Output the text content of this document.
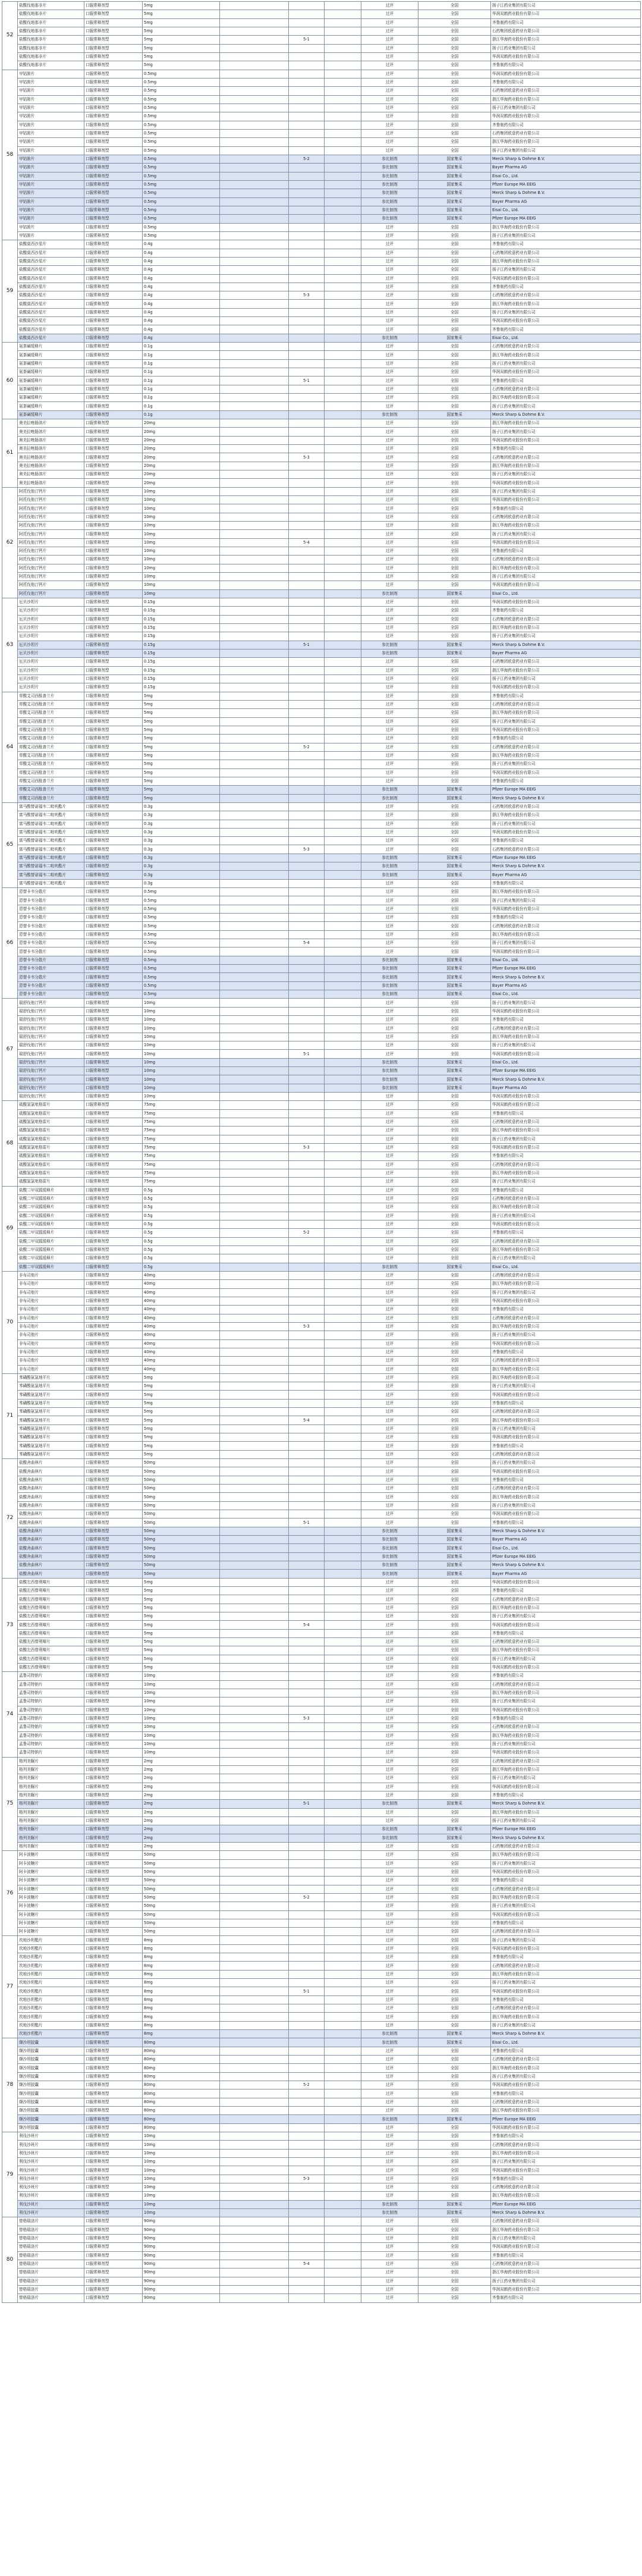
52	盐酸伐地那非片	口服常释剂型	5mg				过评	全国	扬子江药业集团有限公司
	盐酸伐地那非片	口服常释剂型	5mg				过评	全国	华润双鹤药业股份有限公司
	盐酸伐地那非片	口服常释剂型	5mg				过评	全国	齐鲁制药有限公司
	盐酸伐地那非片	口服常释剂型	5mg				过评	全国	石药集团欧意药业有限公司
	盐酸伐地那非片	口服常释剂型	5mg		5-1		过评	全国	浙江华海药业股份有限公司
	盐酸伐地那非片	口服常释剂型	5mg				过评	全国	扬子江药业集团有限公司
	盐酸伐地那非片	口服常释剂型	5mg				过评	全国	华润双鹤药业股份有限公司
	盐酸伐地那非片	口服常释剂型	5mg				过评	全国	齐鲁制药有限公司
58	甲钴胺片	口服常释剂型	0.5mg				过评	全国	华润双鹤药业股份有限公司
	甲钴胺片	口服常释剂型	0.5mg				过评	全国	齐鲁制药有限公司
	甲钴胺片	口服常释剂型	0.5mg				过评	全国	石药集团欧意药业有限公司
	甲钴胺片	口服常释剂型	0.5mg				过评	全国	浙江华海药业股份有限公司
	甲钴胺片	口服常释剂型	0.5mg				过评	全国	扬子江药业集团有限公司
	甲钴胺片	口服常释剂型	0.5mg				过评	全国	华润双鹤药业股份有限公司
	甲钴胺片	口服常释剂型	0.5mg				过评	全国	齐鲁制药有限公司
	甲钴胺片	口服常释剂型	0.5mg				过评	全国	石药集团欧意药业有限公司
	甲钴胺片	口服常释剂型	0.5mg				过评	全国	浙江华海药业股份有限公司
	甲钴胺片	口服常释剂型	0.5mg				过评	全国	扬子江药业集团有限公司
	甲钴胺片	口服常释剂型	0.5mg		5-2		参比制剂	国家集采	Merck Sharp & Dohme B.V.
	甲钴胺片	口服常释剂型	0.5mg				参比制剂	国家集采	Bayer Pharma AG
	甲钴胺片	口服常释剂型	0.5mg				参比制剂	国家集采	Eisai Co., Ltd.
	甲钴胺片	口服常释剂型	0.5mg				参比制剂	国家集采	Pfizer Europe MA EEIG
	甲钴胺片	口服常释剂型	0.5mg				参比制剂	国家集采	Merck Sharp & Dohme B.V.
	甲钴胺片	口服常释剂型	0.5mg				参比制剂	国家集采	Bayer Pharma AG
	甲钴胺片	口服常释剂型	0.5mg				参比制剂	国家集采	Eisai Co., Ltd.
	甲钴胺片	口服常释剂型	0.5mg				参比制剂	国家集采	Pfizer Europe MA EEIG
	甲钴胺片	口服常释剂型	0.5mg				过评	全国	浙江华海药业股份有限公司
	甲钴胺片	口服常释剂型	0.5mg				过评	全国	扬子江药业集团有限公司
59	盐酸莫西沙星片	口服常释剂型	0.4g				过评	全国	齐鲁制药有限公司
	盐酸莫西沙星片	口服常释剂型	0.4g				过评	全国	石药集团欧意药业有限公司
	盐酸莫西沙星片	口服常释剂型	0.4g				过评	全国	浙江华海药业股份有限公司
	盐酸莫西沙星片	口服常释剂型	0.4g				过评	全国	扬子江药业集团有限公司
	盐酸莫西沙星片	口服常释剂型	0.4g				过评	全国	华润双鹤药业股份有限公司
	盐酸莫西沙星片	口服常释剂型	0.4g				过评	全国	齐鲁制药有限公司
	盐酸莫西沙星片	口服常释剂型	0.4g		5-3		过评	全国	石药集团欧意药业有限公司
	盐酸莫西沙星片	口服常释剂型	0.4g				过评	全国	浙江华海药业股份有限公司
	盐酸莫西沙星片	口服常释剂型	0.4g				过评	全国	扬子江药业集团有限公司
	盐酸莫西沙星片	口服常释剂型	0.4g				过评	全国	华润双鹤药业股份有限公司
	盐酸莫西沙星片	口服常释剂型	0.4g				过评	全国	齐鲁制药有限公司
	盐酸莫西沙星片	口服常释剂型	0.4g				参比制剂	国家集采	Eisai Co., Ltd.
60	氨茶碱缓释片	口服常释剂型	0.1g				过评	全国	石药集团欧意药业有限公司
	氨茶碱缓释片	口服常释剂型	0.1g				过评	全国	浙江华海药业股份有限公司
	氨茶碱缓释片	口服常释剂型	0.1g				过评	全国	扬子江药业集团有限公司
	氨茶碱缓释片	口服常释剂型	0.1g				过评	全国	华润双鹤药业股份有限公司
	氨茶碱缓释片	口服常释剂型	0.1g		5-1		过评	全国	齐鲁制药有限公司
	氨茶碱缓释片	口服常释剂型	0.1g				过评	全国	石药集团欧意药业有限公司
	氨茶碱缓释片	口服常释剂型	0.1g				过评	全国	浙江华海药业股份有限公司
	氨茶碱缓释片	口服常释剂型	0.1g				过评	全国	扬子江药业集团有限公司
	氨茶碱缓释片	口服常释剂型	0.1g				参比制剂	国家集采	Merck Sharp & Dohme B.V.
61	奥美拉唑肠溶片	口服常释剂型	20mg				过评	全国	浙江华海药业股份有限公司
	奥美拉唑肠溶片	口服常释剂型	20mg				过评	全国	扬子江药业集团有限公司
	奥美拉唑肠溶片	口服常释剂型	20mg				过评	全国	华润双鹤药业股份有限公司
	奥美拉唑肠溶片	口服常释剂型	20mg				过评	全国	齐鲁制药有限公司
	奥美拉唑肠溶片	口服常释剂型	20mg		5-3		过评	全国	石药集团欧意药业有限公司
	奥美拉唑肠溶片	口服常释剂型	20mg				过评	全国	浙江华海药业股份有限公司
	奥美拉唑肠溶片	口服常释剂型	20mg				过评	全国	扬子江药业集团有限公司
	奥美拉唑肠溶片	口服常释剂型	20mg				过评	全国	华润双鹤药业股份有限公司
62	阿托伐他汀钙片	口服常释剂型	10mg				过评	全国	扬子江药业集团有限公司
	阿托伐他汀钙片	口服常释剂型	10mg				过评	全国	华润双鹤药业股份有限公司
	阿托伐他汀钙片	口服常释剂型	10mg				过评	全国	齐鲁制药有限公司
	阿托伐他汀钙片	口服常释剂型	10mg				过评	全国	石药集团欧意药业有限公司
	阿托伐他汀钙片	口服常释剂型	10mg				过评	全国	浙江华海药业股份有限公司
	阿托伐他汀钙片	口服常释剂型	10mg				过评	全国	扬子江药业集团有限公司
	阿托伐他汀钙片	口服常释剂型	10mg		5-4		过评	全国	华润双鹤药业股份有限公司
	阿托伐他汀钙片	口服常释剂型	10mg				过评	全国	齐鲁制药有限公司
	阿托伐他汀钙片	口服常释剂型	10mg				过评	全国	石药集团欧意药业有限公司
	阿托伐他汀钙片	口服常释剂型	10mg				过评	全国	浙江华海药业股份有限公司
	阿托伐他汀钙片	口服常释剂型	10mg				过评	全国	扬子江药业集团有限公司
	阿托伐他汀钙片	口服常释剂型	10mg				过评	全国	华润双鹤药业股份有限公司
	阿托伐他汀钙片	口服常释剂型	10mg				参比制剂	国家集采	Eisai Co., Ltd.
63	厄贝沙坦片	口服常释剂型	0.15g				过评	全国	华润双鹤药业股份有限公司
	厄贝沙坦片	口服常释剂型	0.15g				过评	全国	齐鲁制药有限公司
	厄贝沙坦片	口服常释剂型	0.15g				过评	全国	石药集团欧意药业有限公司
	厄贝沙坦片	口服常释剂型	0.15g				过评	全国	浙江华海药业股份有限公司
	厄贝沙坦片	口服常释剂型	0.15g				过评	全国	扬子江药业集团有限公司
	厄贝沙坦片	口服常释剂型	0.15g		5-1		参比制剂	国家集采	Merck Sharp & Dohme B.V.
	厄贝沙坦片	口服常释剂型	0.15g				参比制剂	国家集采	Bayer Pharma AG
	厄贝沙坦片	口服常释剂型	0.15g				过评	全国	石药集团欧意药业有限公司
	厄贝沙坦片	口服常释剂型	0.15g				过评	全国	浙江华海药业股份有限公司
	厄贝沙坦片	口服常释剂型	0.15g				过评	全国	扬子江药业集团有限公司
	厄贝沙坦片	口服常释剂型	0.15g				过评	全国	华润双鹤药业股份有限公司
64	草酸艾司西酞普兰片	口服常释剂型	5mg				过评	全国	齐鲁制药有限公司
	草酸艾司西酞普兰片	口服常释剂型	5mg				过评	全国	石药集团欧意药业有限公司
	草酸艾司西酞普兰片	口服常释剂型	5mg				过评	全国	浙江华海药业股份有限公司
	草酸艾司西酞普兰片	口服常释剂型	5mg				过评	全国	扬子江药业集团有限公司
	草酸艾司西酞普兰片	口服常释剂型	5mg				过评	全国	华润双鹤药业股份有限公司
	草酸艾司西酞普兰片	口服常释剂型	5mg				过评	全国	齐鲁制药有限公司
	草酸艾司西酞普兰片	口服常释剂型	5mg		5-2		过评	全国	石药集团欧意药业有限公司
	草酸艾司西酞普兰片	口服常释剂型	5mg				过评	全国	浙江华海药业股份有限公司
	草酸艾司西酞普兰片	口服常释剂型	5mg				过评	全国	扬子江药业集团有限公司
	草酸艾司西酞普兰片	口服常释剂型	5mg				过评	全国	华润双鹤药业股份有限公司
	草酸艾司西酞普兰片	口服常释剂型	5mg				过评	全国	齐鲁制药有限公司
	草酸艾司西酞普兰片	口服常释剂型	5mg				参比制剂	国家集采	Pfizer Europe MA EEIG
	草酸艾司西酞普兰片	口服常释剂型	5mg				参比制剂	国家集采	Merck Sharp & Dohme B.V.
65	富马酸替诺福韦二吡呋酯片	口服常释剂型	0.3g				过评	全国	石药集团欧意药业有限公司
	富马酸替诺福韦二吡呋酯片	口服常释剂型	0.3g				过评	全国	浙江华海药业股份有限公司
	富马酸替诺福韦二吡呋酯片	口服常释剂型	0.3g				过评	全国	扬子江药业集团有限公司
	富马酸替诺福韦二吡呋酯片	口服常释剂型	0.3g				过评	全国	华润双鹤药业股份有限公司
	富马酸替诺福韦二吡呋酯片	口服常释剂型	0.3g				过评	全国	齐鲁制药有限公司
	富马酸替诺福韦二吡呋酯片	口服常释剂型	0.3g		5-3		过评	全国	石药集团欧意药业有限公司
	富马酸替诺福韦二吡呋酯片	口服常释剂型	0.3g				参比制剂	国家集采	Pfizer Europe MA EEIG
	富马酸替诺福韦二吡呋酯片	口服常释剂型	0.3g				参比制剂	国家集采	Merck Sharp & Dohme B.V.
	富马酸替诺福韦二吡呋酯片	口服常释剂型	0.3g				参比制剂	国家集采	Bayer Pharma AG
	富马酸替诺福韦二吡呋酯片	口服常释剂型	0.3g				过评	全国	齐鲁制药有限公司
66	恩替卡韦分散片	口服常释剂型	0.5mg				过评	全国	浙江华海药业股份有限公司
	恩替卡韦分散片	口服常释剂型	0.5mg				过评	全国	扬子江药业集团有限公司
	恩替卡韦分散片	口服常释剂型	0.5mg				过评	全国	华润双鹤药业股份有限公司
	恩替卡韦分散片	口服常释剂型	0.5mg				过评	全国	齐鲁制药有限公司
	恩替卡韦分散片	口服常释剂型	0.5mg				过评	全国	石药集团欧意药业有限公司
	恩替卡韦分散片	口服常释剂型	0.5mg				过评	全国	浙江华海药业股份有限公司
	恩替卡韦分散片	口服常释剂型	0.5mg		5-4		过评	全国	扬子江药业集团有限公司
	恩替卡韦分散片	口服常释剂型	0.5mg				过评	全国	华润双鹤药业股份有限公司
	恩替卡韦分散片	口服常释剂型	0.5mg				参比制剂	国家集采	Eisai Co., Ltd.
	恩替卡韦分散片	口服常释剂型	0.5mg				参比制剂	国家集采	Pfizer Europe MA EEIG
	恩替卡韦分散片	口服常释剂型	0.5mg				参比制剂	国家集采	Merck Sharp & Dohme B.V.
	恩替卡韦分散片	口服常释剂型	0.5mg				参比制剂	国家集采	Bayer Pharma AG
	恩替卡韦分散片	口服常释剂型	0.5mg				参比制剂	国家集采	Eisai Co., Ltd.
67	瑞舒伐他汀钙片	口服常释剂型	10mg				过评	全国	扬子江药业集团有限公司
	瑞舒伐他汀钙片	口服常释剂型	10mg				过评	全国	华润双鹤药业股份有限公司
	瑞舒伐他汀钙片	口服常释剂型	10mg				过评	全国	齐鲁制药有限公司
	瑞舒伐他汀钙片	口服常释剂型	10mg				过评	全国	石药集团欧意药业有限公司
	瑞舒伐他汀钙片	口服常释剂型	10mg				过评	全国	浙江华海药业股份有限公司
	瑞舒伐他汀钙片	口服常释剂型	10mg				过评	全国	扬子江药业集团有限公司
	瑞舒伐他汀钙片	口服常释剂型	10mg		5-1		过评	全国	华润双鹤药业股份有限公司
	瑞舒伐他汀钙片	口服常释剂型	10mg				参比制剂	国家集采	Eisai Co., Ltd.
	瑞舒伐他汀钙片	口服常释剂型	10mg				参比制剂	国家集采	Pfizer Europe MA EEIG
	瑞舒伐他汀钙片	口服常释剂型	10mg				参比制剂	国家集采	Merck Sharp & Dohme B.V.
	瑞舒伐他汀钙片	口服常释剂型	10mg				参比制剂	国家集采	Bayer Pharma AG
	瑞舒伐他汀钙片	口服常释剂型	10mg				过评	全国	华润双鹤药业股份有限公司
68	硫酸氢氯吡格雷片	口服常释剂型	75mg				过评	全国	华润双鹤药业股份有限公司
	硫酸氢氯吡格雷片	口服常释剂型	75mg				过评	全国	齐鲁制药有限公司
	硫酸氢氯吡格雷片	口服常释剂型	75mg				过评	全国	石药集团欧意药业有限公司
	硫酸氢氯吡格雷片	口服常释剂型	75mg				过评	全国	浙江华海药业股份有限公司
	硫酸氢氯吡格雷片	口服常释剂型	75mg				过评	全国	扬子江药业集团有限公司
	硫酸氢氯吡格雷片	口服常释剂型	75mg		5-3		过评	全国	华润双鹤药业股份有限公司
	硫酸氢氯吡格雷片	口服常释剂型	75mg				过评	全国	齐鲁制药有限公司
	硫酸氢氯吡格雷片	口服常释剂型	75mg				过评	全国	石药集团欧意药业有限公司
	硫酸氢氯吡格雷片	口服常释剂型	75mg				过评	全国	浙江华海药业股份有限公司
	硫酸氢氯吡格雷片	口服常释剂型	75mg				过评	全国	扬子江药业集团有限公司
69	盐酸二甲双胍缓释片	口服常释剂型	0.5g				过评	全国	齐鲁制药有限公司
	盐酸二甲双胍缓释片	口服常释剂型	0.5g				过评	全国	石药集团欧意药业有限公司
	盐酸二甲双胍缓释片	口服常释剂型	0.5g				过评	全国	浙江华海药业股份有限公司
	盐酸二甲双胍缓释片	口服常释剂型	0.5g				过评	全国	扬子江药业集团有限公司
	盐酸二甲双胍缓释片	口服常释剂型	0.5g				过评	全国	华润双鹤药业股份有限公司
	盐酸二甲双胍缓释片	口服常释剂型	0.5g		5-2		过评	全国	齐鲁制药有限公司
	盐酸二甲双胍缓释片	口服常释剂型	0.5g				过评	全国	石药集团欧意药业有限公司
	盐酸二甲双胍缓释片	口服常释剂型	0.5g				过评	全国	浙江华海药业股份有限公司
	盐酸二甲双胍缓释片	口服常释剂型	0.5g				过评	全国	扬子江药业集团有限公司
	盐酸二甲双胍缓释片	口服常释剂型	0.5g				参比制剂	国家集采	Eisai Co., Ltd.
70	非布司他片	口服常释剂型	40mg				过评	全国	石药集团欧意药业有限公司
	非布司他片	口服常释剂型	40mg				过评	全国	浙江华海药业股份有限公司
	非布司他片	口服常释剂型	40mg				过评	全国	扬子江药业集团有限公司
	非布司他片	口服常释剂型	40mg				过评	全国	华润双鹤药业股份有限公司
	非布司他片	口服常释剂型	40mg				过评	全国	齐鲁制药有限公司
	非布司他片	口服常释剂型	40mg				过评	全国	石药集团欧意药业有限公司
	非布司他片	口服常释剂型	40mg		5-3		过评	全国	浙江华海药业股份有限公司
	非布司他片	口服常释剂型	40mg				过评	全国	扬子江药业集团有限公司
	非布司他片	口服常释剂型	40mg				过评	全国	华润双鹤药业股份有限公司
	非布司他片	口服常释剂型	40mg				过评	全国	齐鲁制药有限公司
	非布司他片	口服常释剂型	40mg				过评	全国	石药集团欧意药业有限公司
	非布司他片	口服常释剂型	40mg				过评	全国	浙江华海药业股份有限公司
71	苯磺酸氨氯地平片	口服常释剂型	5mg				过评	全国	浙江华海药业股份有限公司
	苯磺酸氨氯地平片	口服常释剂型	5mg				过评	全国	扬子江药业集团有限公司
	苯磺酸氨氯地平片	口服常释剂型	5mg				过评	全国	华润双鹤药业股份有限公司
	苯磺酸氨氯地平片	口服常释剂型	5mg				过评	全国	齐鲁制药有限公司
	苯磺酸氨氯地平片	口服常释剂型	5mg				过评	全国	石药集团欧意药业有限公司
	苯磺酸氨氯地平片	口服常释剂型	5mg		5-4		过评	全国	浙江华海药业股份有限公司
	苯磺酸氨氯地平片	口服常释剂型	5mg				过评	全国	扬子江药业集团有限公司
	苯磺酸氨氯地平片	口服常释剂型	5mg				过评	全国	华润双鹤药业股份有限公司
	苯磺酸氨氯地平片	口服常释剂型	5mg				过评	全国	齐鲁制药有限公司
	苯磺酸氨氯地平片	口服常释剂型	5mg				过评	全国	石药集团欧意药业有限公司
72	盐酸舍曲林片	口服常释剂型	50mg				过评	全国	扬子江药业集团有限公司
	盐酸舍曲林片	口服常释剂型	50mg				过评	全国	华润双鹤药业股份有限公司
	盐酸舍曲林片	口服常释剂型	50mg				过评	全国	齐鲁制药有限公司
	盐酸舍曲林片	口服常释剂型	50mg				过评	全国	石药集团欧意药业有限公司
	盐酸舍曲林片	口服常释剂型	50mg				过评	全国	浙江华海药业股份有限公司
	盐酸舍曲林片	口服常释剂型	50mg				过评	全国	扬子江药业集团有限公司
	盐酸舍曲林片	口服常释剂型	50mg				过评	全国	华润双鹤药业股份有限公司
	盐酸舍曲林片	口服常释剂型	50mg		5-1		过评	全国	齐鲁制药有限公司
	盐酸舍曲林片	口服常释剂型	50mg				参比制剂	国家集采	Merck Sharp & Dohme B.V.
	盐酸舍曲林片	口服常释剂型	50mg				参比制剂	国家集采	Bayer Pharma AG
	盐酸舍曲林片	口服常释剂型	50mg				参比制剂	国家集采	Eisai Co., Ltd.
	盐酸舍曲林片	口服常释剂型	50mg				参比制剂	国家集采	Pfizer Europe MA EEIG
	盐酸舍曲林片	口服常释剂型	50mg				参比制剂	国家集采	Merck Sharp & Dohme B.V.
	盐酸舍曲林片	口服常释剂型	50mg				参比制剂	国家集采	Bayer Pharma AG
73	盐酸左西替利嗪片	口服常释剂型	5mg				过评	全国	华润双鹤药业股份有限公司
	盐酸左西替利嗪片	口服常释剂型	5mg				过评	全国	齐鲁制药有限公司
	盐酸左西替利嗪片	口服常释剂型	5mg				过评	全国	石药集团欧意药业有限公司
	盐酸左西替利嗪片	口服常释剂型	5mg				过评	全国	浙江华海药业股份有限公司
	盐酸左西替利嗪片	口服常释剂型	5mg				过评	全国	扬子江药业集团有限公司
	盐酸左西替利嗪片	口服常释剂型	5mg		5-4		过评	全国	华润双鹤药业股份有限公司
	盐酸左西替利嗪片	口服常释剂型	5mg				过评	全国	齐鲁制药有限公司
	盐酸左西替利嗪片	口服常释剂型	5mg				过评	全国	石药集团欧意药业有限公司
	盐酸左西替利嗪片	口服常释剂型	5mg				过评	全国	浙江华海药业股份有限公司
	盐酸左西替利嗪片	口服常释剂型	5mg				过评	全国	扬子江药业集团有限公司
	盐酸左西替利嗪片	口服常释剂型	5mg				过评	全国	华润双鹤药业股份有限公司
74	孟鲁司特钠片	口服常释剂型	10mg				过评	全国	齐鲁制药有限公司
	孟鲁司特钠片	口服常释剂型	10mg				过评	全国	石药集团欧意药业有限公司
	孟鲁司特钠片	口服常释剂型	10mg				过评	全国	浙江华海药业股份有限公司
	孟鲁司特钠片	口服常释剂型	10mg				过评	全国	扬子江药业集团有限公司
	孟鲁司特钠片	口服常释剂型	10mg				过评	全国	华润双鹤药业股份有限公司
	孟鲁司特钠片	口服常释剂型	10mg		5-3		过评	全国	齐鲁制药有限公司
	孟鲁司特钠片	口服常释剂型	10mg				过评	全国	石药集团欧意药业有限公司
	孟鲁司特钠片	口服常释剂型	10mg				过评	全国	浙江华海药业股份有限公司
	孟鲁司特钠片	口服常释剂型	10mg				过评	全国	扬子江药业集团有限公司
	孟鲁司特钠片	口服常释剂型	10mg				过评	全国	华润双鹤药业股份有限公司
75	格列美脲片	口服常释剂型	2mg				过评	全国	石药集团欧意药业有限公司
	格列美脲片	口服常释剂型	2mg				过评	全国	浙江华海药业股份有限公司
	格列美脲片	口服常释剂型	2mg				过评	全国	扬子江药业集团有限公司
	格列美脲片	口服常释剂型	2mg				过评	全国	华润双鹤药业股份有限公司
	格列美脲片	口服常释剂型	2mg				过评	全国	齐鲁制药有限公司
	格列美脲片	口服常释剂型	2mg		5-1		参比制剂	国家集采	Merck Sharp & Dohme B.V.
	格列美脲片	口服常释剂型	2mg				过评	全国	浙江华海药业股份有限公司
	格列美脲片	口服常释剂型	2mg				过评	全国	扬子江药业集团有限公司
	格列美脲片	口服常释剂型	2mg				参比制剂	国家集采	Pfizer Europe MA EEIG
	格列美脲片	口服常释剂型	2mg				参比制剂	国家集采	Merck Sharp & Dohme B.V.
	格列美脲片	口服常释剂型	2mg				过评	全国	石药集团欧意药业有限公司
76	阿卡波糖片	口服常释剂型	50mg				过评	全国	浙江华海药业股份有限公司
	阿卡波糖片	口服常释剂型	50mg				过评	全国	扬子江药业集团有限公司
	阿卡波糖片	口服常释剂型	50mg				过评	全国	华润双鹤药业股份有限公司
	阿卡波糖片	口服常释剂型	50mg				过评	全国	齐鲁制药有限公司
	阿卡波糖片	口服常释剂型	50mg				过评	全国	石药集团欧意药业有限公司
	阿卡波糖片	口服常释剂型	50mg		5-2		过评	全国	浙江华海药业股份有限公司
	阿卡波糖片	口服常释剂型	50mg				过评	全国	扬子江药业集团有限公司
	阿卡波糖片	口服常释剂型	50mg				过评	全国	华润双鹤药业股份有限公司
	阿卡波糖片	口服常释剂型	50mg				过评	全国	齐鲁制药有限公司
	阿卡波糖片	口服常释剂型	50mg				过评	全国	石药集团欧意药业有限公司
77	坎地沙坦酯片	口服常释剂型	8mg				过评	全国	扬子江药业集团有限公司
	坎地沙坦酯片	口服常释剂型	8mg				过评	全国	华润双鹤药业股份有限公司
	坎地沙坦酯片	口服常释剂型	8mg				过评	全国	齐鲁制药有限公司
	坎地沙坦酯片	口服常释剂型	8mg				过评	全国	石药集团欧意药业有限公司
	坎地沙坦酯片	口服常释剂型	8mg				过评	全国	浙江华海药业股份有限公司
	坎地沙坦酯片	口服常释剂型	8mg				过评	全国	扬子江药业集团有限公司
	坎地沙坦酯片	口服常释剂型	8mg		5-1		过评	全国	华润双鹤药业股份有限公司
	坎地沙坦酯片	口服常释剂型	8mg				过评	全国	齐鲁制药有限公司
	坎地沙坦酯片	口服常释剂型	8mg				过评	全国	石药集团欧意药业有限公司
	坎地沙坦酯片	口服常释剂型	8mg				过评	全国	浙江华海药业股份有限公司
	坎地沙坦酯片	口服常释剂型	8mg				过评	全国	扬子江药业集团有限公司
	坎地沙坦酯片	口服常释剂型	8mg				参比制剂	国家集采	Merck Sharp & Dohme B.V.
78	缬沙坦胶囊	口服常释剂型	80mg				参比制剂	国家集采	Eisai Co., Ltd.
	缬沙坦胶囊	口服常释剂型	80mg				过评	全国	齐鲁制药有限公司
	缬沙坦胶囊	口服常释剂型	80mg				过评	全国	石药集团欧意药业有限公司
	缬沙坦胶囊	口服常释剂型	80mg				过评	全国	浙江华海药业股份有限公司
	缬沙坦胶囊	口服常释剂型	80mg				过评	全国	扬子江药业集团有限公司
	缬沙坦胶囊	口服常释剂型	80mg		5-2		过评	全国	华润双鹤药业股份有限公司
	缬沙坦胶囊	口服常释剂型	80mg				过评	全国	齐鲁制药有限公司
	缬沙坦胶囊	口服常释剂型	80mg				过评	全国	石药集团欧意药业有限公司
	缬沙坦胶囊	口服常释剂型	80mg				过评	全国	浙江华海药业股份有限公司
	缬沙坦胶囊	口服常释剂型	80mg				参比制剂	国家集采	Pfizer Europe MA EEIG
	缬沙坦胶囊	口服常释剂型	80mg				过评	全国	华润双鹤药业股份有限公司
79	利伐沙班片	口服常释剂型	10mg				过评	全国	齐鲁制药有限公司
	利伐沙班片	口服常释剂型	10mg				过评	全国	石药集团欧意药业有限公司
	利伐沙班片	口服常释剂型	10mg				过评	全国	浙江华海药业股份有限公司
	利伐沙班片	口服常释剂型	10mg				过评	全国	扬子江药业集团有限公司
	利伐沙班片	口服常释剂型	10mg				过评	全国	华润双鹤药业股份有限公司
	利伐沙班片	口服常释剂型	10mg		5-3		过评	全国	齐鲁制药有限公司
	利伐沙班片	口服常释剂型	10mg				过评	全国	石药集团欧意药业有限公司
	利伐沙班片	口服常释剂型	10mg				过评	全国	浙江华海药业股份有限公司
	利伐沙班片	口服常释剂型	10mg				参比制剂	国家集采	Pfizer Europe MA EEIG
	利伐沙班片	口服常释剂型	10mg				参比制剂	国家集采	Merck Sharp & Dohme B.V.
80	替格瑞洛片	口服常释剂型	90mg				过评	全国	石药集团欧意药业有限公司
	替格瑞洛片	口服常释剂型	90mg				过评	全国	浙江华海药业股份有限公司
	替格瑞洛片	口服常释剂型	90mg				过评	全国	扬子江药业集团有限公司
	替格瑞洛片	口服常释剂型	90mg				过评	全国	华润双鹤药业股份有限公司
	替格瑞洛片	口服常释剂型	90mg				过评	全国	齐鲁制药有限公司
	替格瑞洛片	口服常释剂型	90mg		5-4		过评	全国	石药集团欧意药业有限公司
	替格瑞洛片	口服常释剂型	90mg				过评	全国	浙江华海药业股份有限公司
	替格瑞洛片	口服常释剂型	90mg				过评	全国	扬子江药业集团有限公司
	替格瑞洛片	口服常释剂型	90mg				过评	全国	华润双鹤药业股份有限公司
	替格瑞洛片	口服常释剂型	90mg				过评	全国	齐鲁制药有限公司
